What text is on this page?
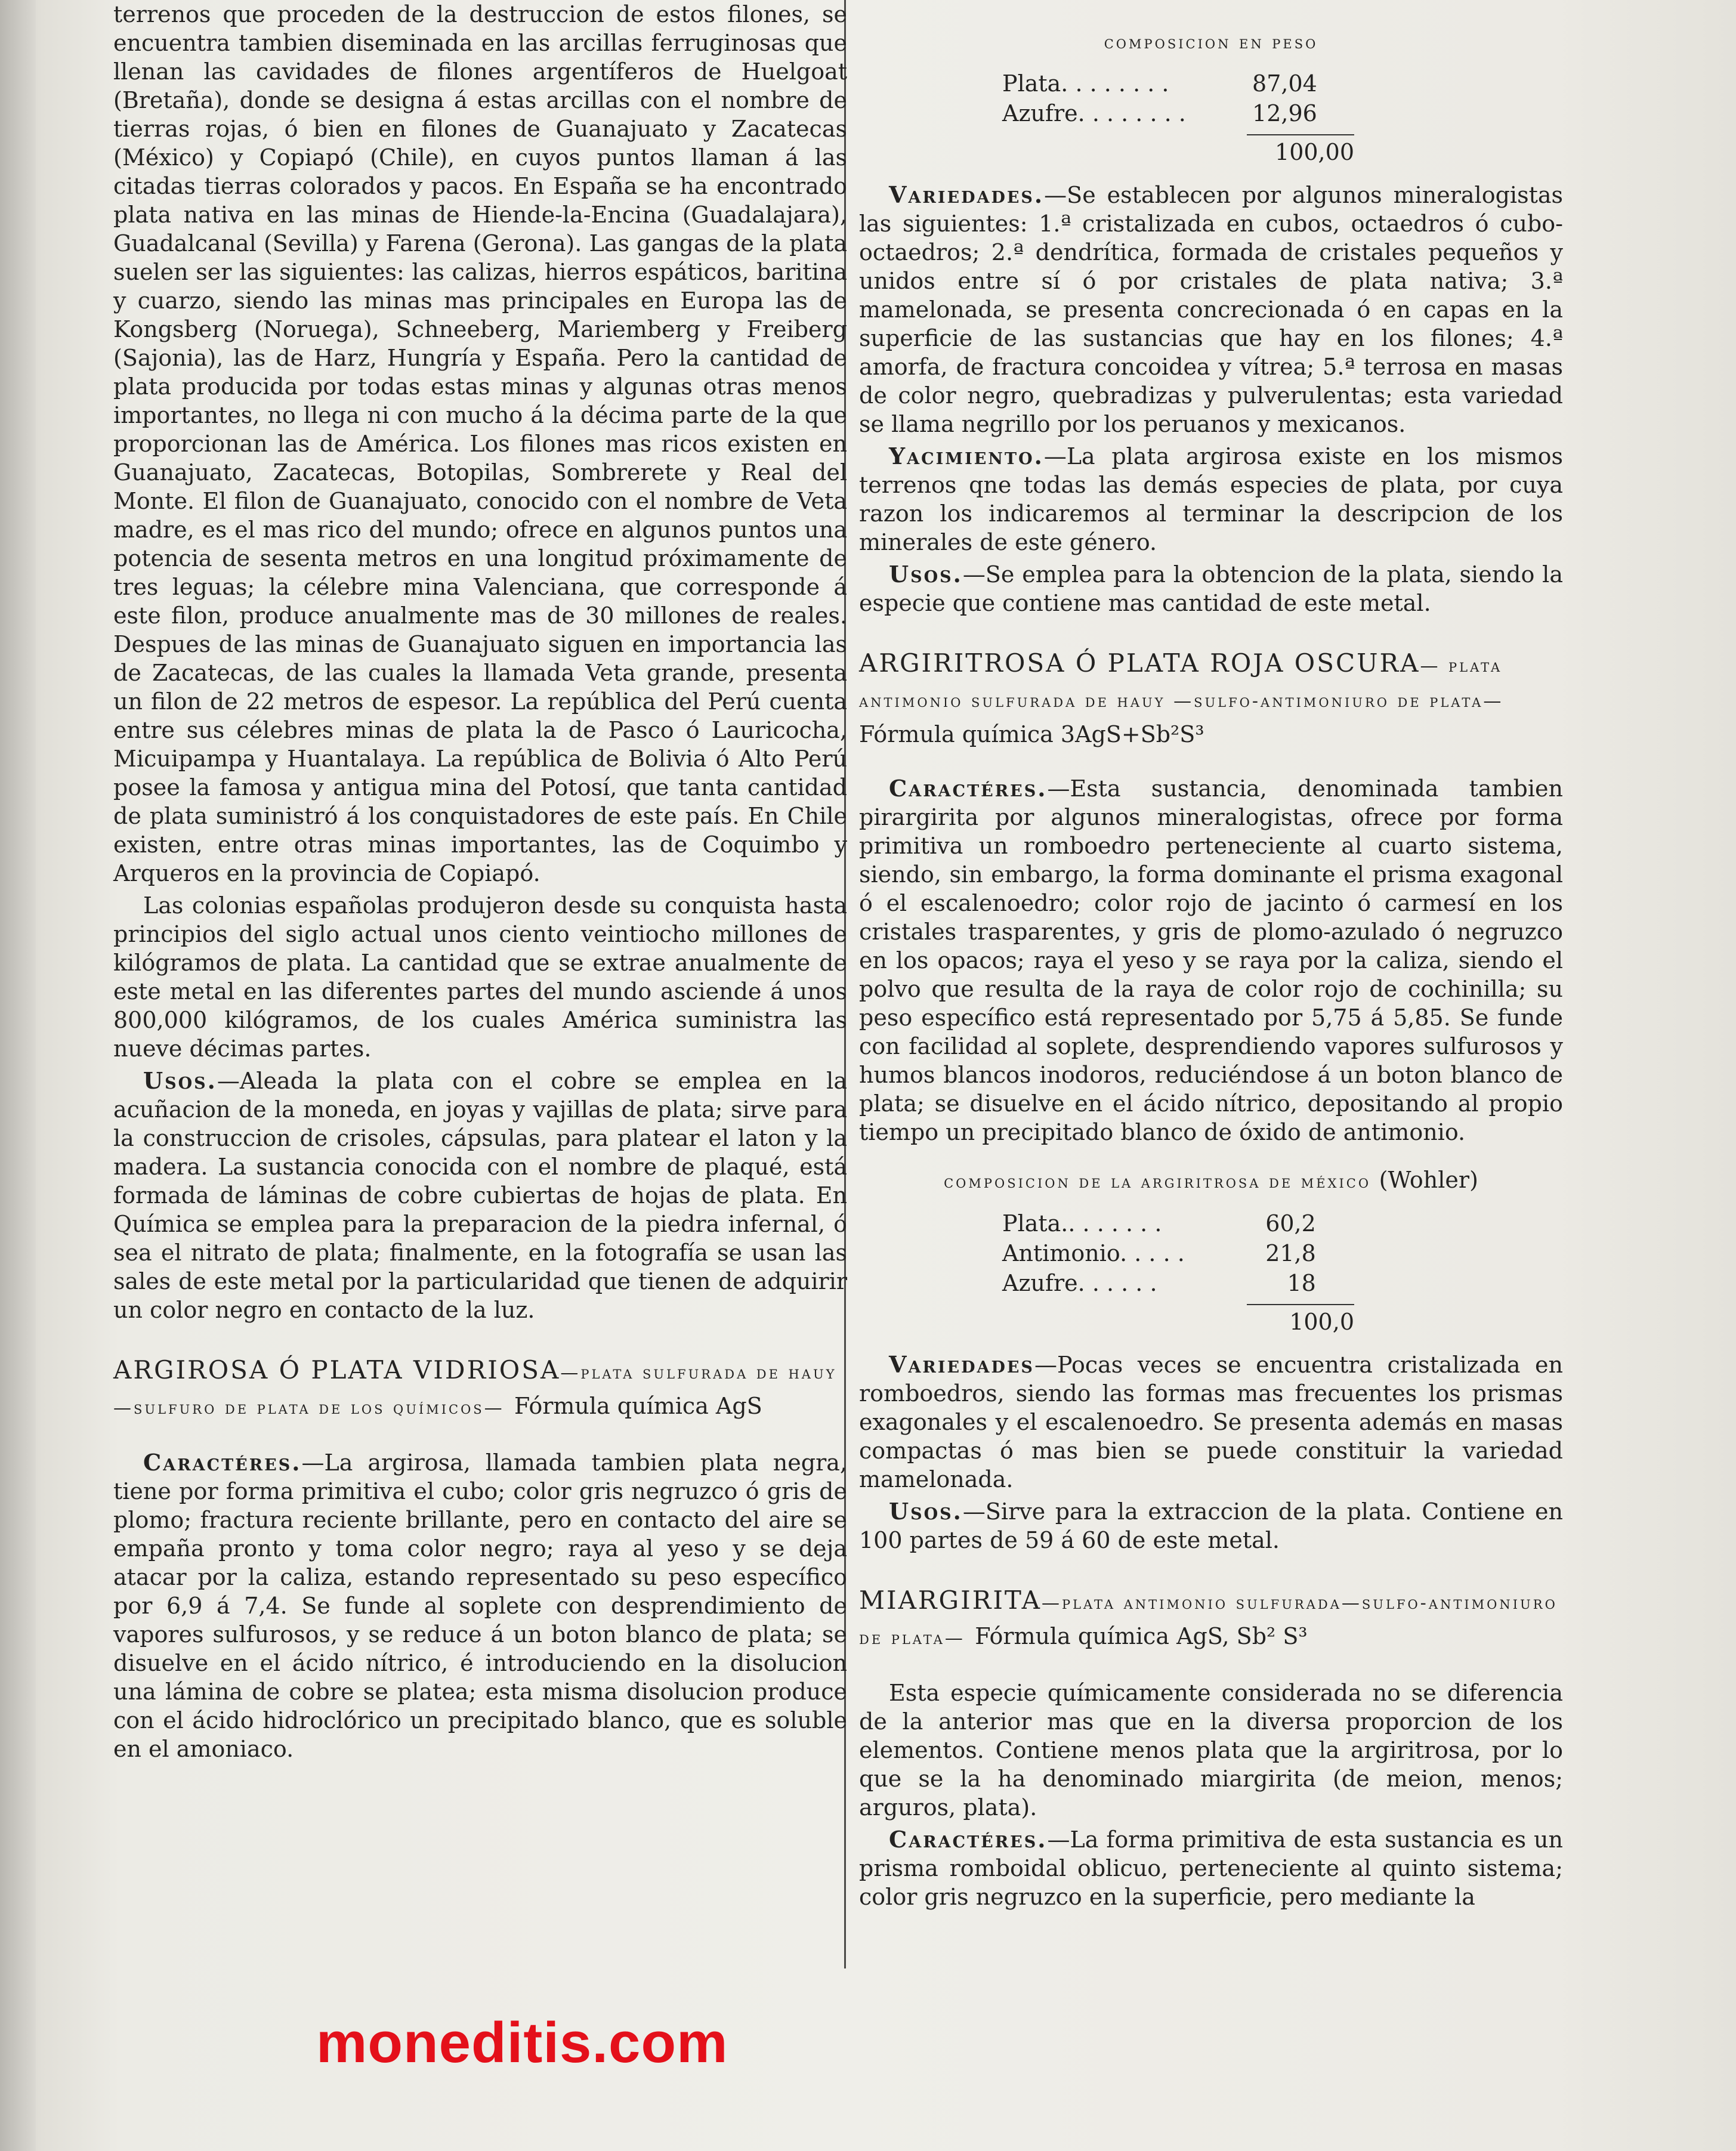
terrenos que proceden de la destruccion de estos filones, se encuentra tambien diseminada en las arcillas ferruginosas que llenan las cavidades de filones argentíferos de Huelgoat (Bretaña), donde se designa á estas arcillas con el nombre de tierras rojas, ó bien en filones de Guanajuato y Zacatecas (México) y Copiapó (Chile), en cuyos puntos llaman á las citadas tierras colorados y pacos. En España se ha encontrado plata nativa en las minas de Hiende-la-Encina (Guadalajara), Guadalcanal (Sevilla) y Farena (Gerona). Las gangas de la plata suelen ser las siguientes: las calizas, hierros espáticos, baritina y cuarzo, siendo las minas mas principales en Europa las de Kongsberg (Noruega), Schneeberg, Mariemberg y Freiberg (Sajonia), las de Harz, Hungría y España. Pero la cantidad de plata producida por todas estas minas y algunas otras menos importantes, no llega ni con mucho á la décima parte de la que proporcionan las de América. Los filones mas ricos existen en Guanajuato, Zacatecas, Botopilas, Sombrerete y Real del Monte. El filon de Guanajuato, conocido con el nombre de Veta madre, es el mas rico del mundo; ofrece en algunos puntos una potencia de sesenta metros en una longitud próximamente de tres leguas; la célebre mina Valenciana, que corresponde á este filon, produce anualmente mas de 30 millones de reales. Despues de las minas de Guanajuato siguen en importancia las de Zacatecas, de las cuales la llamada Veta grande, presenta un filon de 22 metros de espesor. La república del Perú cuenta entre sus célebres minas de plata la de Pasco ó Lauricocha, Micuipampa y Huantalaya. La república de Bolivia ó Alto Perú posee la famosa y antigua mina del Potosí, que tanta cantidad de plata suministró á los conquistadores de este país. En Chile existen, entre otras minas importantes, las de Coquimbo y Arqueros en la provincia de Copiapó.

Las colonias españolas produjeron desde su conquista hasta principios del siglo actual unos ciento veintiocho millones de kilógramos de plata. La cantidad que se extrae anualmente de este metal en las diferentes partes del mundo asciende á unos 800,000 kilógramos, de los cuales América suministra las nueve décimas partes.

Usos.—Aleada la plata con el cobre se emplea en la acuñacion de la moneda, en joyas y vajillas de plata; sirve para la construccion de crisoles, cápsulas, para platear el laton y la madera. La sustancia conocida con el nombre de plaqué, está formada de láminas de cobre cubiertas de hojas de plata. En Química se emplea para la preparacion de la piedra infernal, ó sea el nitrato de plata; finalmente, en la fotografía se usan las sales de este metal por la particularidad que tienen de adquirir un color negro en contacto de la luz.

ARGIROSA Ó PLATA VIDRIOSA—plata sulfurada de hauy—sulfuro de plata de los químicos— Fórmula química AgS

Caractéres.—La argirosa, llamada tambien plata negra, tiene por forma primitiva el cubo; color gris negruzco ó gris de plomo; fractura reciente brillante, pero en contacto del aire se empaña pronto y toma color negro; raya al yeso y se deja atacar por la caliza, estando representado su peso específico por 6,9 á 7,4. Se funde al soplete con desprendimiento de vapores sulfurosos, y se reduce á un boton blanco de plata; se disuelve en el ácido nítrico, é introduciendo en la disolucion una lámina de cobre se platea; esta misma disolucion produce con el ácido hidroclórico un precipitado blanco, que es soluble en el amoniaco.

composicion en peso
Plata. . . . . . . .	87,04
Azufre. . . . . . . .	12,96
100,00

Variedades.—Se establecen por algunos mineralogistas las siguientes: 1.ª cristalizada en cubos, octaedros ó cubo-octaedros; 2.ª dendrítica, formada de cristales pequeños y unidos entre sí ó por cristales de plata nativa; 3.ª mamelonada, se presenta concrecionada ó en capas en la superficie de las sustancias que hay en los filones; 4.ª amorfa, de fractura concoidea y vítrea; 5.ª terrosa en masas de color negro, quebradizas y pulverulentas; esta variedad se llama negrillo por los peruanos y mexicanos.

Yacimiento.—La plata argirosa existe en los mismos terrenos qne todas las demás especies de plata, por cuya razon los indicaremos al terminar la descripcion de los minerales de este género.

Usos.—Se emplea para la obtencion de la plata, siendo la especie que contiene mas cantidad de este metal.

ARGIRITROSA Ó PLATA ROJA OSCURA— plata antimonio sulfurada de hauy —sulfo-antimoniuro de plata— Fórmula química 3AgS+Sb²S³

Caractéres.—Esta sustancia, denominada tambien pirargirita por algunos mineralogistas, ofrece por forma primitiva un romboedro perteneciente al cuarto sistema, siendo, sin embargo, la forma dominante el prisma exagonal ó el escalenoedro; color rojo de jacinto ó carmesí en los cristales trasparentes, y gris de plomo-azulado ó negruzco en los opacos; raya el yeso y se raya por la caliza, siendo el polvo que resulta de la raya de color rojo de cochinilla; su peso específico está representado por 5,75 á 5,85. Se funde con facilidad al soplete, desprendiendo vapores sulfurosos y humos blancos inodoros, reduciéndose á un boton blanco de plata; se disuelve en el ácido nítrico, depositando al propio tiempo un precipitado blanco de óxido de antimonio.

composicion de la argiritrosa de méxico (Wohler)
Plata.. . . . . . .	60,2
Antimonio. . . . .	21,8
Azufre. . . . . .	18
100,0

Variedades—Pocas veces se encuentra cristalizada en romboedros, siendo las formas mas frecuentes los prismas exagonales y el escalenoedro. Se presenta además en masas compactas ó mas bien se puede constituir la variedad mamelonada.

Usos.—Sirve para la extraccion de la plata. Contiene en 100 partes de 59 á 60 de este metal.

MIARGIRITA—plata antimonio sulfurada—sulfo-antimoniuro de plata— Fórmula química AgS, Sb² S³

Esta especie químicamente considerada no se diferencia de la anterior mas que en la diversa proporcion de los elementos. Contiene menos plata que la argiritrosa, por lo que se la ha denominado miargirita (de meion, menos; arguros, plata).

Caractéres.—La forma primitiva de esta sustancia es un prisma romboidal oblicuo, perteneciente al quinto sistema; color gris negruzco en la superficie, pero mediante la

moneditis.com
